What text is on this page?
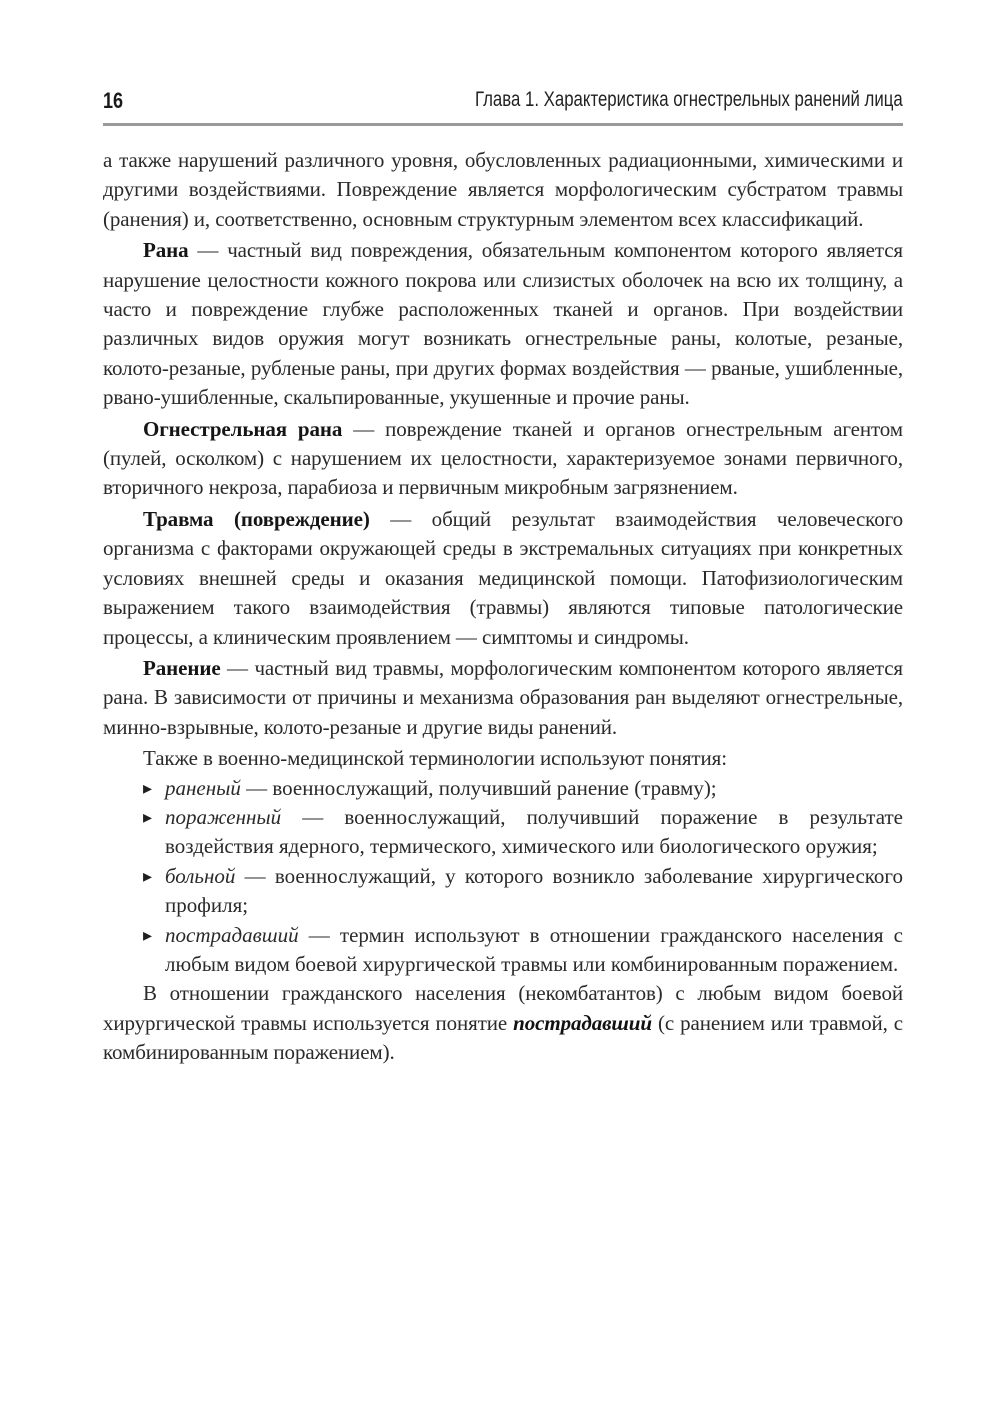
16	Глава 1. Характеристика огнестрельных ранений лица

а также нарушений различного уровня, обусловленных радиационными, химическими и другими воздействиями. Повреждение является морфологическим субстратом травмы (ранения) и, соответственно, основным структурным элементом всех классификаций.

Рана — частный вид повреждения, обязательным компонентом которого является нарушение целостности кожного покрова или слизистых оболочек на всю их толщину, а часто и повреждение глубже расположенных тканей и органов. При воздействии различных видов оружия могут возникать огнестрельные раны, колотые, резаные, колото-резаные, рубленые раны, при других формах воздействия — рваные, ушибленные, рвано-ушибленные, скальпированные, укушенные и прочие раны.

Огнестрельная рана — повреждение тканей и органов огнестрельным агентом (пулей, осколком) с нарушением их целостности, характеризуемое зонами первичного, вторичного некроза, парабиоза и первичным микробным загрязнением.

Травма (повреждение) — общий результат взаимодействия человеческого организма с факторами окружающей среды в экстремальных ситуациях при конкретных условиях внешней среды и оказания медицинской помощи. Патофизиологическим выражением такого взаимодействия (травмы) являются типовые патологические процессы, а клиническим проявлением — симптомы и синдромы.

Ранение — частный вид травмы, морфологическим компонентом которого является рана. В зависимости от причины и механизма образования ран выделяют огнестрельные, минно-взрывные, колото-резаные и другие виды ранений.

Также в военно-медицинской терминологии используют понятия:

▸ раненый — военнослужащий, получивший ранение (травму);
▸ пораженный — военнослужащий, получивший поражение в результате воздействия ядерного, термического, химического или биологического оружия;
▸ больной — военнослужащий, у которого возникло заболевание хирургического профиля;
▸ пострадавший — термин используют в отношении гражданского населения с любым видом боевой хирургической травмы или комбинированным поражением.

В отношении гражданского населения (некомбатантов) с любым видом боевой хирургической травмы используется понятие пострадавший (с ранением или травмой, с комбинированным поражением).
